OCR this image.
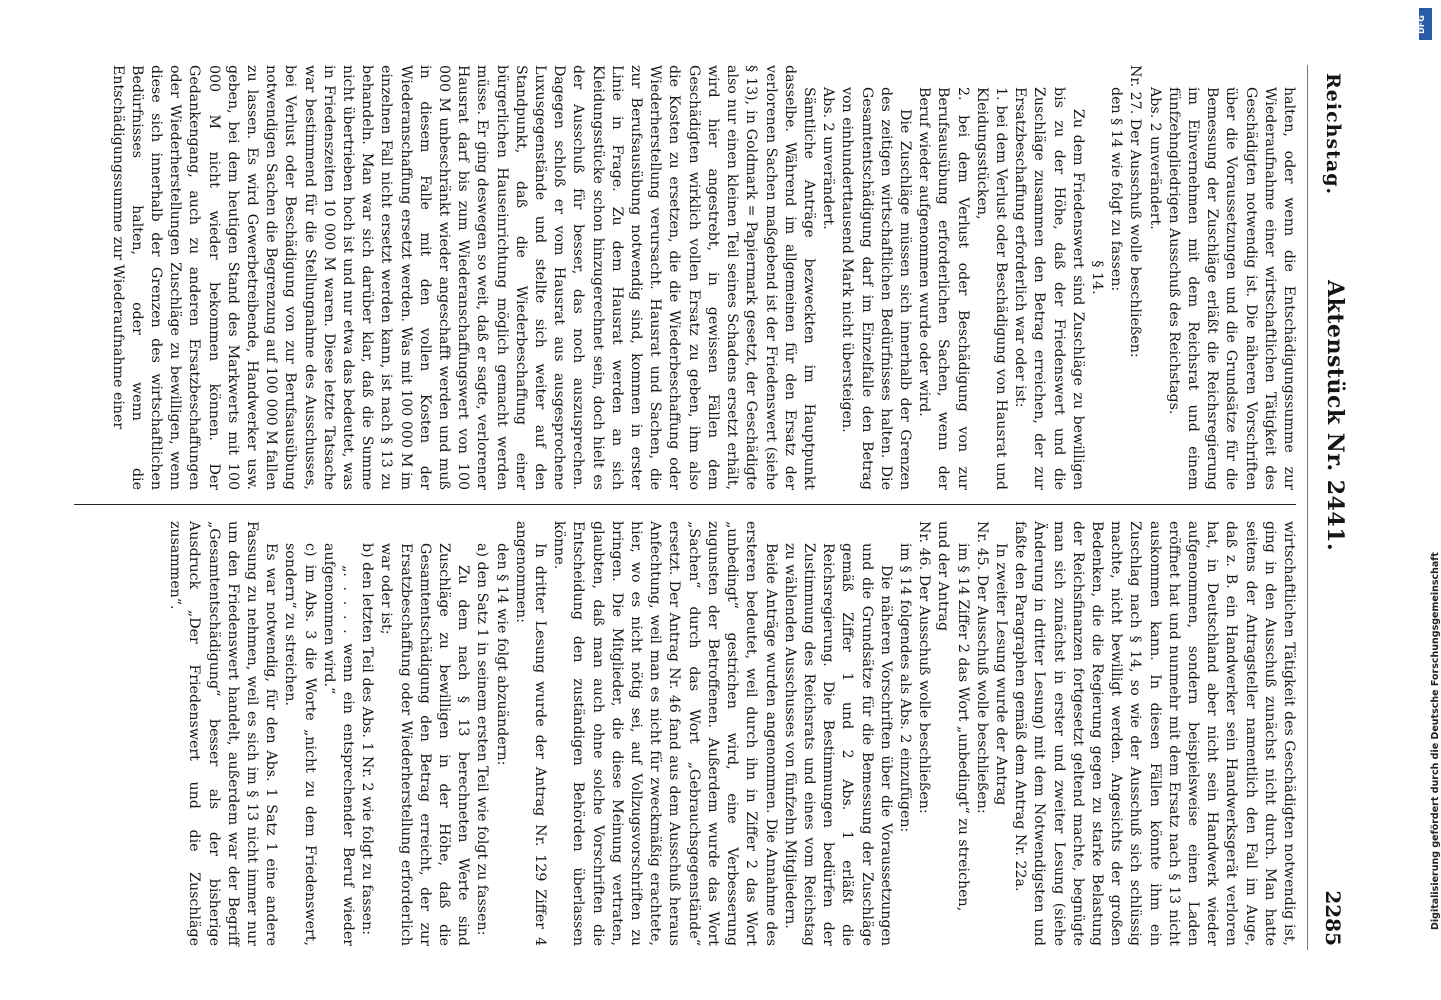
Reichstag.
Aktenstück Nr. 2441.
2285

halten, oder wenn die Entschädigungssumme zur Wiederaufnahme einer wirtschaftlichen Tätigkeit des Geschädigten notwendig ist. Die näheren Vorschriften über die Voraussetzungen und die Grundsätze für die Bemessung der Zuschläge erläßt die Reichsregierung im Einvernehmen mit dem Reichsrat und einem fünfzehngliedrigen Ausschuß des Reichstags.

Abs. 2 unverändert.

Nr. 27. Der Ausschuß wolle beschließen:

den § 14 wie folgt zu fassen:

§ 14.

Zu dem Friedenswert sind Zuschläge zu bewilligen bis zu der Höhe, daß der Friedenswert und die Zuschläge zusammen den Betrag erreichen, der zur Ersatzbeschaffung erforderlich war oder ist:

1. bei dem Verlust oder Beschädigung von Hausrat und Kleidungsstücken,

2. bei dem Verlust oder Beschädigung von zur Berufsausübung erforderlichen Sachen, wenn der Beruf wieder aufgenommen wurde oder wird.

Die Zuschläge müssen sich innerhalb der Grenzen des zeitigen wirtschaftlichen Bedürfnisses halten. Die Gesamtentschädigung darf im Einzelfalle den Betrag von einhunderttausend Mark nicht übersteigen.

Abs. 2 unverändert.

Sämtliche Anträge bezweckten im Hauptpunkt dasselbe. Während im allgemeinen für den Ersatz der verlorenen Sachen maßgebend ist der Friedenswert (siehe § 13), in Goldmark = Papiermark gesetzt, der Geschädigte also nur einen kleinen Teil seines Schadens ersetzt erhält, wird hier angestrebt, in gewissen Fällen dem Geschädigten wirklich vollen Ersatz zu geben, ihm also die Kosten zu ersetzen, die die Wiederbeschaffung oder Wiederherstellung verursacht. Hausrat und Sachen, die zur Berufsausübung notwendig sind, kommen in erster Linie in Frage. Zu dem Hausrat werden an sich Kleidungsstücke schon hinzugerechnet sein, doch hielt es der Ausschuß für besser, das noch auszusprechen. Dagegen schloß er vom Hausrat aus ausgesprochene Luxusgegenstände und stellte sich weiter auf den Standpunkt, daß die Wiederbeschaffung einer bürgerlichen Hauseinrichtung möglich gemacht werden müsse. Er ging deswegen so weit, daß er sagte, verlorener Hausrat darf bis zum Wiederanschaffungswert von 100 000 M unbeschränkt wieder angeschafft werden und muß in diesem Falle mit den vollen Kosten der Wiederanschaffung ersetzt werden. Was mit 100 000 M im einzelnen Fall nicht ersetzt werden kann, ist nach § 13 zu behandeln. Man war sich darüber klar, daß die Summe nicht übertrieben hoch ist und nur etwa das bedeutet, was in Friedenszeiten 10 000 M waren. Diese letzte Tatsache war bestimmend für die Stellungnahme des Ausschusses, bei Verlust oder Beschädigung von zur Berufsausübung notwendigen Sachen die Begrenzung auf 100 000 M fallen zu lassen. Es wird Gewerbetreibende, Handwerker usw. geben, bei dem heutigen Stand des Markwerts mit 100 000 M nicht wieder bekommen können. Der Gedankengang, auch zu anderen Ersatzbeschaffungen oder Wiederherstellungen Zuschläge zu bewilligen, wenn diese sich innerhalb der Grenzen des wirtschaftlichen Bedürfnisses halten, oder wenn die Entschädigungssumme zur Wiederaufnahme einer

wirtschaftlichen Tätigkeit des Geschädigten notwendig ist, ging in den Ausschuß zunächst nicht durch. Man hatte seitens der Antragsteller namentlich den Fall im Auge, daß z. B. ein Handwerker sein Handwerksgerät verloren hat, in Deutschland aber nicht sein Handwerk wieder aufgenommen, sondern beispielsweise einen Laden eröffnet hat und nunmehr mit dem Ersatz nach § 13 nicht auskommen kann. In diesen Fällen könnte ihm ein Zuschlag nach § 14, so wie der Ausschuß sich schlüssig machte, nicht bewilligt werden. Angesichts der großen Bedenken, die die Regierung gegen zu starke Belastung der Reichsfinanzen fortgesetzt geltend machte, begnügte man sich zunächst in erster und zweiter Lesung (siehe Änderung in dritter Lesung) mit dem Notwendigsten und faßte den Paragraphen gemäß dem Antrag Nr. 22a.

In zweiter Lesung wurde der Antrag

Nr. 45. Der Ausschuß wolle beschließen:

im § 14 Ziffer 2 das Wort „unbedingt“ zu streichen,

und der Antrag

Nr. 46. Der Ausschuß wolle beschließen:

im § 14 folgendes als Abs. 2 einzufügen:

Die näheren Vorschriften über die Voraussetzungen und die Grundsätze für die Bemessung der Zuschläge gemäß Ziffer 1 und 2 Abs. 1 erläßt die Reichsregierung. Die Bestimmungen bedürfen der Zustimmung des Reichsrats und eines vom Reichstag zu wählenden Ausschusses von fünfzehn Mitgliedern.

Beide Anträge wurden angenommen. Die Annahme des ersteren bedeutet, weil durch ihn in Ziffer 2 das Wort „unbedingt“ gestrichen wird, eine Verbesserung zugunsten der Betroffenen. Außerdem wurde das Wort „Sachen“ durch das Wort „Gebrauchsgegenstände“ ersetzt. Der Antrag Nr. 46 fand aus dem Ausschuß heraus Anfechtung, weil man es nicht für zweckmäßig erachtete, hier, wo es nicht nötig sei, auf Vollzugsvorschriften zu bringen. Die Mitglieder, die diese Meinung vertraten, glaubten, daß man auch ohne solche Vorschriften die Entscheidung den zuständigen Behörden überlassen könne.

In dritter Lesung wurde der Antrag Nr. 129 Ziffer 4 angenommen:

den § 14 wie folgt abzuändern:

a) den Satz 1 in seinem ersten Teil wie folgt zu fassen:

Zu dem nach § 13 berechneten Werte sind Zuschläge zu bewilligen in der Höhe, daß die Gesamtentschädigung den Betrag erreicht, der zur Ersatzbeschaffung oder Wiederherstellung erforderlich war oder ist;

b) den letzten Teil des Abs. 1 Nr. 2 wie folgt zu fassen:

„. . . . . wenn ein entsprechender Beruf wieder aufgenommen wird.“

c) im Abs. 3 die Worte „nicht zu dem Friedenswert, sondern“ zu streichen.

Es war notwendig, für den Abs. 1 Satz 1 eine andere Fassung zu nehmen, weil es sich im § 13 nicht immer nur um den Friedenswert handelt, außerdem war der Begriff „Gesamtentschädigung“ besser als der bisherige Ausdruck „Der Friedenswert und die Zuschläge zusammen“.

DFG
Digitalisierung gefördert durch die Deutsche Forschungsgemeinschaft
